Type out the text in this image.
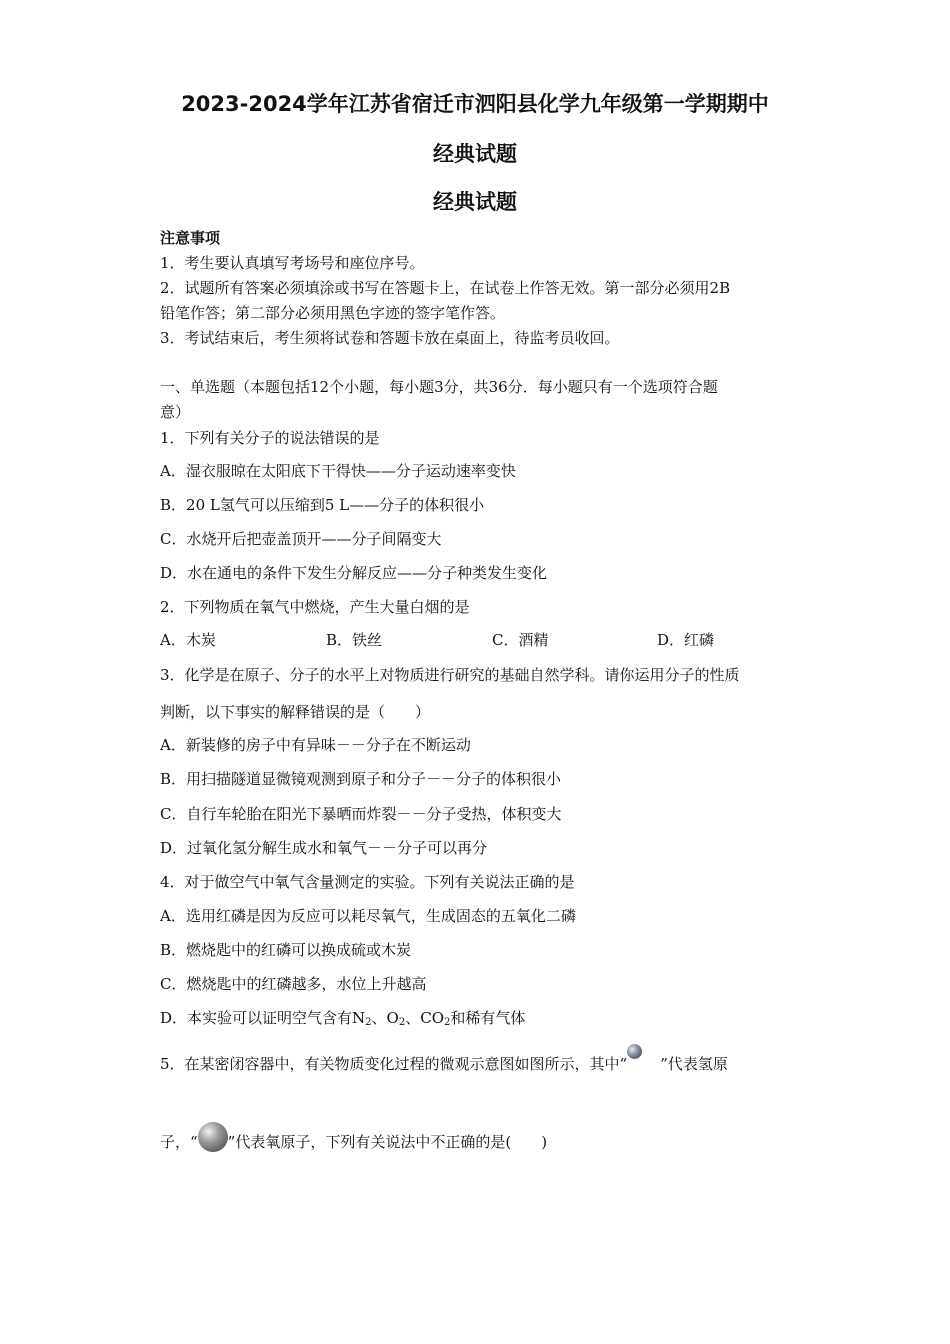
2023-2024学年江苏省宿迁市泗阳县化学九年级第一学期期中
经典试题
经典试题
注意事项
1．考生要认真填写考场号和座位序号。
2．试题所有答案必须填涂或书写在答题卡上，在试卷上作答无效。第一部分必须用2B
铅笔作答；第二部分必须用黑色字迹的签字笔作答。
3．考试结束后，考生须将试卷和答题卡放在桌面上，待监考员收回。
一、单选题（本题包括12个小题，每小题3分，共36分．每小题只有一个选项符合题
意）
1．下列有关分子的说法错误的是
A．湿衣服晾在太阳底下干得快——分子运动速率变快
B．20 L氢气可以压缩到5 L——分子的体积很小
C．水烧开后把壶盖顶开——分子间隔变大
D．水在通电的条件下发生分解反应——分子种类发生变化
2．下列物质在氧气中燃烧，产生大量白烟的是
A．木炭	B．铁丝	C．酒精	D．红磷
3．化学是在原子、分子的水平上对物质进行研究的基础自然学科。请你运用分子的性质
判断，以下事实的解释错误的是（　　）
A．新装修的房子中有异味－－分子在不断运动
B．用扫描隧道显微镜观测到原子和分子－－分子的体积很小
C．自行车轮胎在阳光下暴晒而炸裂－－分子受热，体积变大
D．过氧化氢分解生成水和氧气－－分子可以再分
4．对于做空气中氧气含量测定的实验。下列有关说法正确的是
A．选用红磷是因为反应可以耗尽氧气，生成固态的五氧化二磷
B．燃烧匙中的红磷可以换成硫或木炭
C．燃烧匙中的红磷越多，水位上升越高
D．本实验可以证明空气含有$N_2$、$O_2$、$CO_2$和稀有气体
5．在某密闭容器中，有关物质变化过程的微观示意图如图所示，其中“ ”代表氢原
子，“ ”代表氧原子，下列有关说法中不正确的是(　　)
